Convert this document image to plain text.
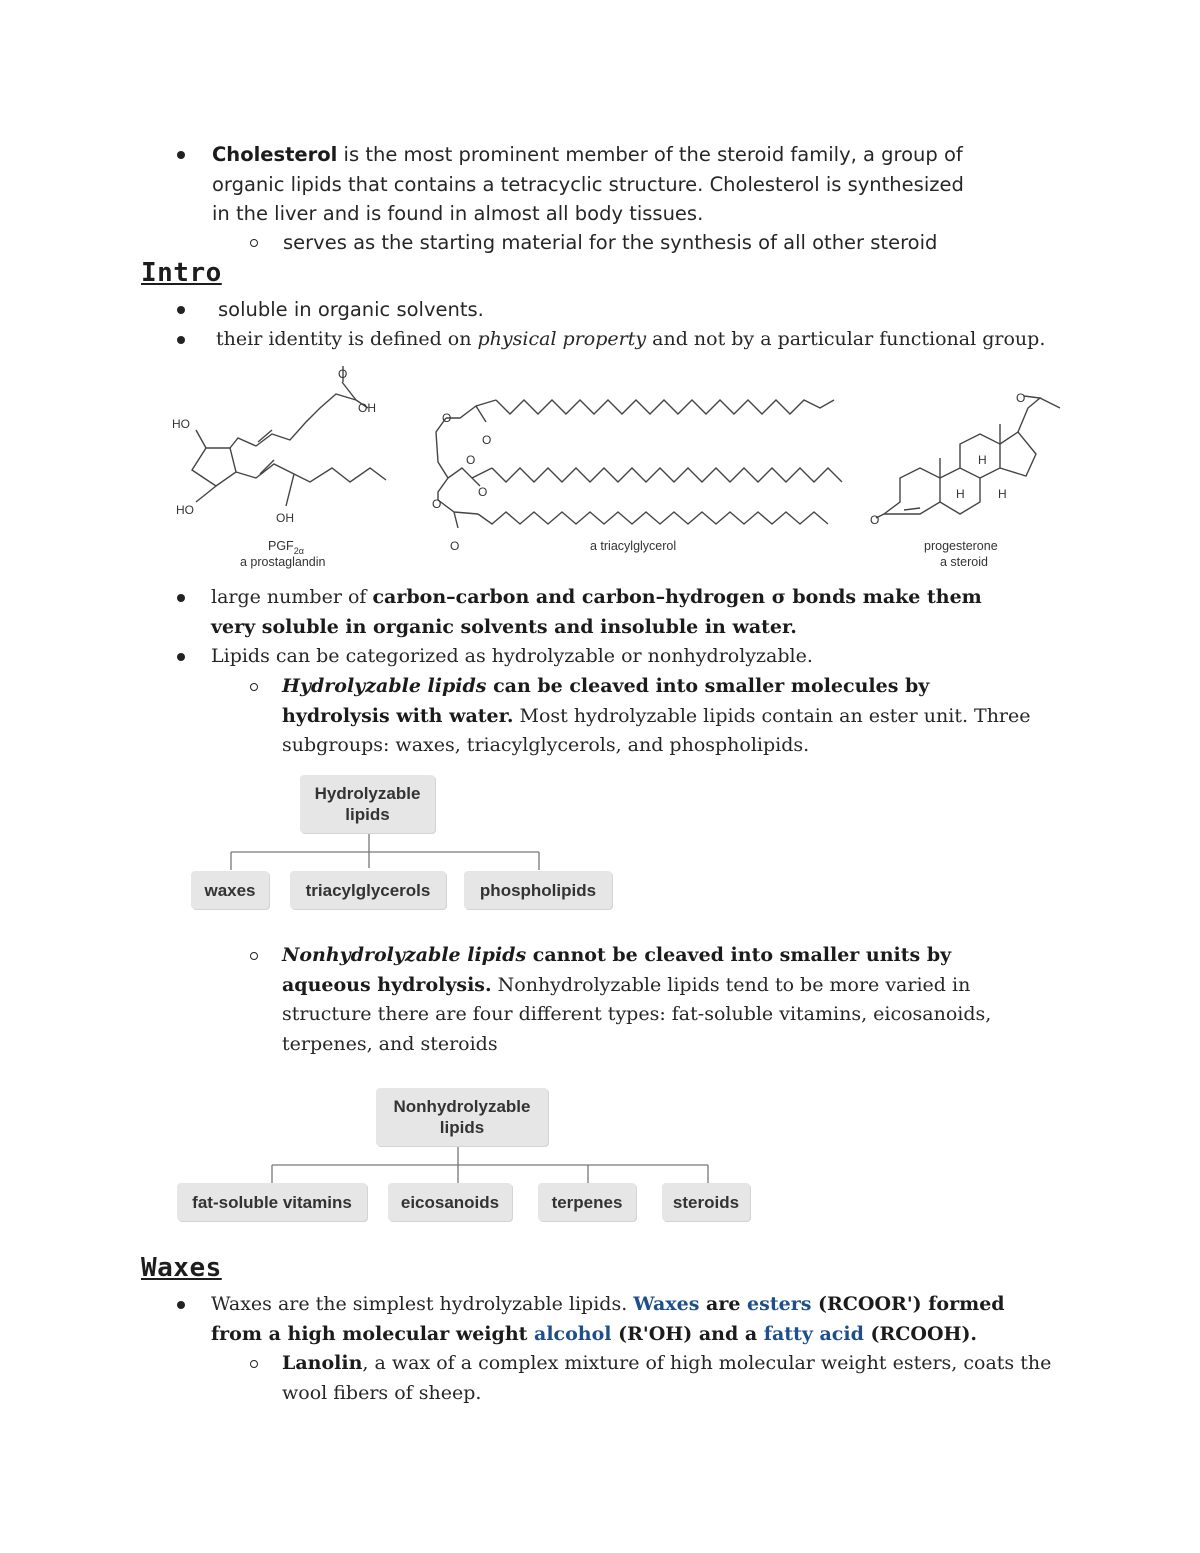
Cholesterol is the most prominent member of the steroid family, a group of
organic lipids that contains a tetracyclic structure. Cholesterol is synthesized
in the liver and is found in almost all body tissues.
serves as the starting material for the synthesis of all other steroid
Intro
soluble in organic solvents.
their identity is defined on physical property and not by a particular functional group.
HO
HO
O
OH
OH
O
O
O
O
O
O
O
O
H
H	H
$PGF_{2\alpha}$
a prostaglandin
a triacylglycerol	progesterone
a steroid
large number of carbon–carbon and carbon–hydrogen σ bonds make them
very soluble in organic solvents and insoluble in water.
Lipids can be categorized as hydrolyzable or nonhydrolyzable.
Hydrolyzable lipids can be cleaved into smaller molecules by
hydrolysis with water. Most hydrolyzable lipids contain an ester unit. Three
subgroups: waxes, triacylglycerols, and phospholipids.
Hydrolyzable lipids
waxes	triacylglycerols	phospholipids
Nonhydrolyzable lipids cannot be cleaved into smaller units by
aqueous hydrolysis. Nonhydrolyzable lipids tend to be more varied in
structure there are four different types: fat-soluble vitamins, eicosanoids,
terpenes, and steroids
Nonhydrolyzable lipids
fat-soluble vitamins	eicosanoids	terpenes	steroids
Waxes
Waxes are the simplest hydrolyzable lipids. Waxes are esters (RCOOR') formed
from a high molecular weight alcohol (R'OH) and a fatty acid (RCOOH).
Lanolin, a wax of a complex mixture of high molecular weight esters, coats the
wool fibers of sheep.
